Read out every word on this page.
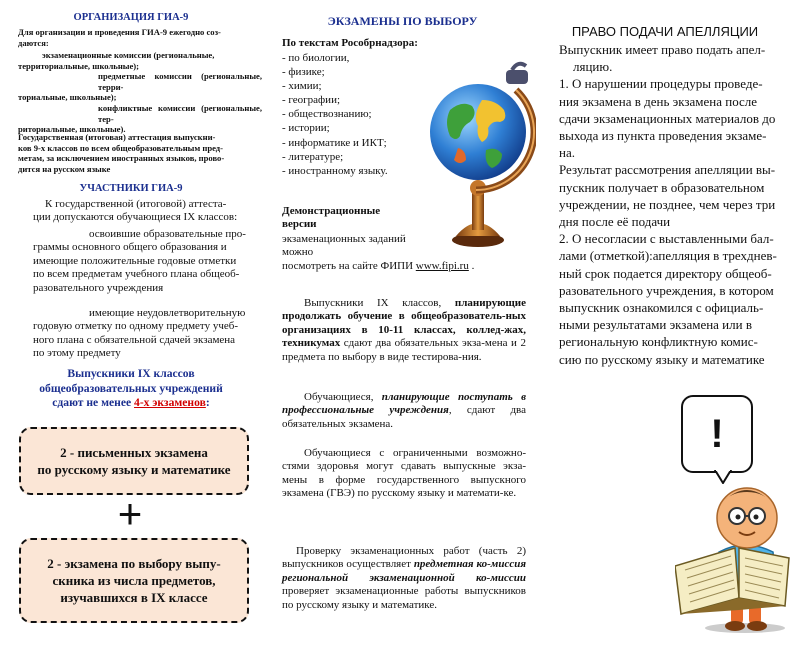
ОРГАНИЗАЦИЯ ГИА-9
Для организации и проведения ГИА-9 ежегодно соз-
даются:
экзаменационные комиссии (региональные,
территориальные, школьные);
предметные комиссии (региональные, терри-
ториальные, школьные);
конфликтные комиссии (региональные, тер-
риториальные, школьные).
Государственная (итоговая) аттестация выпускни-
ков 9-х классов по всем общеобразовательным пред-
метам, за исключением иностранных языков, прово-
дится на русском языке
УЧАСТНИКИ ГИА-9
К государственной (итоговой) аттеста-
ции допускаются обучающиеся IX классов:
освоившие образовательные про-
граммы основного общего образования и
имеющие положительные годовые отметки
по всем предметам учебного плана общеоб-
разовательного учреждения
имеющие неудовлетворительную
годовую отметку по одному предмету учеб-
ного плана с обязательной сдачей экзамена
по этому предмету
Выпускники IX классов
общеобразовательных учреждений
сдают не менее 4-х экзаменов:
2 - письменных экзамена
по русскому языку и математике
+
2 - экзамена по выбору выпу-
скника из числа предметов,
изучавшихся в IX классе
ЭКЗАМЕНЫ ПО ВЫБОРУ
По текстам Рособрнадзора:
- по биологии,
- физике;
- химии;
- географии;
- обществознанию;
- истории;
- информатике и ИКТ;
- литературе;
- иностранному языку.
Демонстрационные
версии
экзаменационных заданий
можно
посмотреть на сайте ФИПИ www.fipi.ru .
Выпускники IX классов, планирующие продолжать обучение в общеобразователь-ных организациях в 10-11 классах, коллед-жах, техникумах сдают два обязательных экза-мена и 2 предмета по выбору в виде тестирова-ния.
Обучающиеся, планирующие поступать в профессиональные учреждения, сдают два обязательных экзамена.
Обучающиеся с ограниченными возможно-стями здоровья могут сдавать выпускные экза-мены в форме государственного выпускного экзамена (ГВЭ) по русскому языку и математи-ке.
Проверку экзаменационных работ (часть 2) выпускников осуществляет предметная ко-миссия региональной экзаменационной ко-миссии проверяет экзаменационные работы выпускников по русскому языку и математике.
ПРАВО ПОДАЧИ АПЕЛЛЯЦИИ
Выпускник имеет право подать апел-
ляцию.
1. О нарушении процедуры проведе-
ния экзамена в день экзамена после
сдачи экзаменационных материалов до
выхода из пункта проведения экзаме-
на.
Результат рассмотрения апелляции вы-
пускник получает в образовательном
учреждении, не позднее, чем через три
дня после её подачи
2. О несогласии с выставленными бал-
лами (отметкой):апелляция в трехднев-
ный срок подается директору общеоб-
разовательного учреждения, в котором
выпускник ознакомился с официаль-
ными результатами экзамена или в
региональную конфликтную комис-
сию по русскому языку и математике
!
